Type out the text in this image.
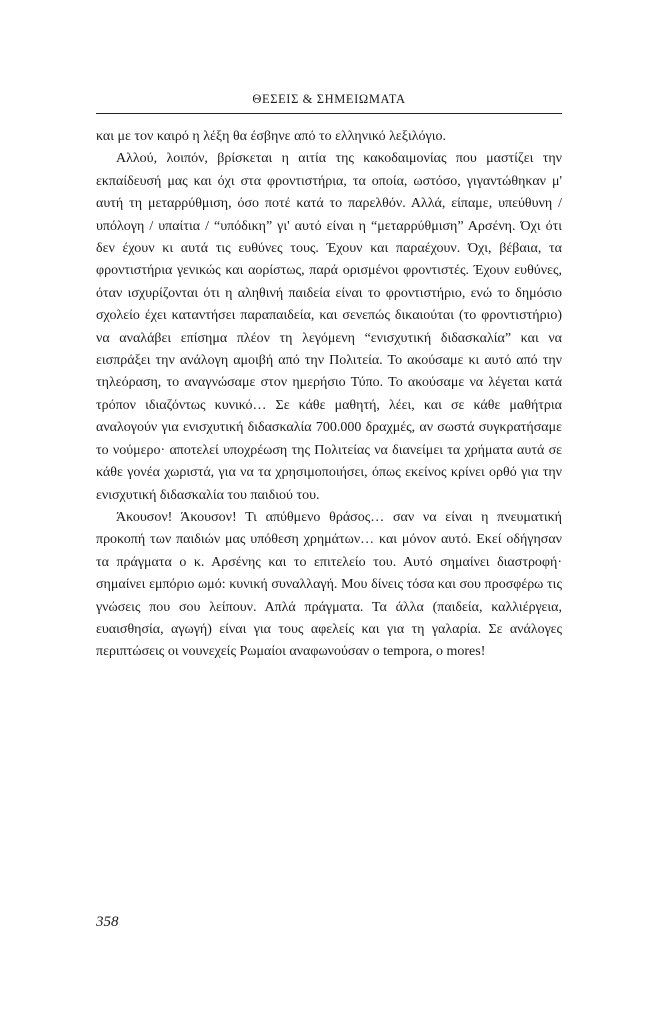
ΘΕΣΕΙΣ & ΣΗΜΕΙΩΜΑΤΑ

και με τον καιρό η λέξη θα έσβηνε από το ελληνικό λεξιλόγιο.

Αλλού, λοιπόν, βρίσκεται η αιτία της κακοδαιμονίας που μαστίζει την εκπαίδευσή μας και όχι στα φροντιστήρια, τα οποία, ωστόσο, γιγαντώθηκαν μ' αυτή τη μεταρρύθμιση, όσο ποτέ κατά το παρελθόν. Αλλά, είπαμε, υπεύθυνη / υπόλογη / υπαίτια / “υπόδικη” γι' αυτό είναι η “μεταρρύθμιση” Αρσένη. Όχι ότι δεν έχουν κι αυτά τις ευθύνες τους. Έχουν και παραέχουν. Όχι, βέβαια, τα φροντιστήρια γενικώς και αορίστως, παρά ορισμένοι φροντιστές. Έχουν ευθύνες, όταν ισχυρίζονται ότι η αληθινή παιδεία είναι το φροντιστήριο, ενώ το δημόσιο σχολείο έχει καταντήσει παραπαιδεία, και σενεπώς δικαιούται (το φροντιστήριο) να αναλάβει επίσημα πλέον τη λεγόμενη “ενισχυτική διδασκαλία” και να εισπράξει την ανάλογη αμοιβή από την Πολιτεία. Το ακούσαμε κι αυτό από την τηλεόραση, το αναγνώσαμε στον ημερήσιο Τύπο. Το ακούσαμε να λέγεται κατά τρόπον ιδιαζόντως κυνικό… Σε κάθε μαθητή, λέει, και σε κάθε μαθήτρια αναλογούν για ενισχυτική διδασκαλία 700.000 δραχμές, αν σωστά συγκρατήσαμε το νούμερο· αποτελεί υποχρέωση της Πολιτείας να διανείμει τα χρήματα αυτά σε κάθε γονέα χωριστά, για να τα χρησιμοποιήσει, όπως εκείνος κρίνει ορθό για την ενισχυτική διδασκαλία του παιδιού του.

Άκουσον! Άκουσον! Τι απύθμενο θράσος… σαν να είναι η πνευματική προκοπή των παιδιών μας υπόθεση χρημάτων… και μόνον αυτό. Εκεί οδήγησαν τα πράγματα ο κ. Αρσένης και το επιτελείο του. Αυτό σημαίνει διαστροφή· σημαίνει εμπόριο ωμό: κυνική συναλλαγή. Μου δίνεις τόσα και σου προσφέρω τις γνώσεις που σου λείπουν. Απλά πράγματα. Τα άλλα (παιδεία, καλλιέργεια, ευαισθησία, αγωγή) είναι για τους αφελείς και για τη γαλαρία. Σε ανάλογες περιπτώσεις οι νουνεχείς Ρωμαίοι αναφωνούσαν o tempora, o mores!

358
